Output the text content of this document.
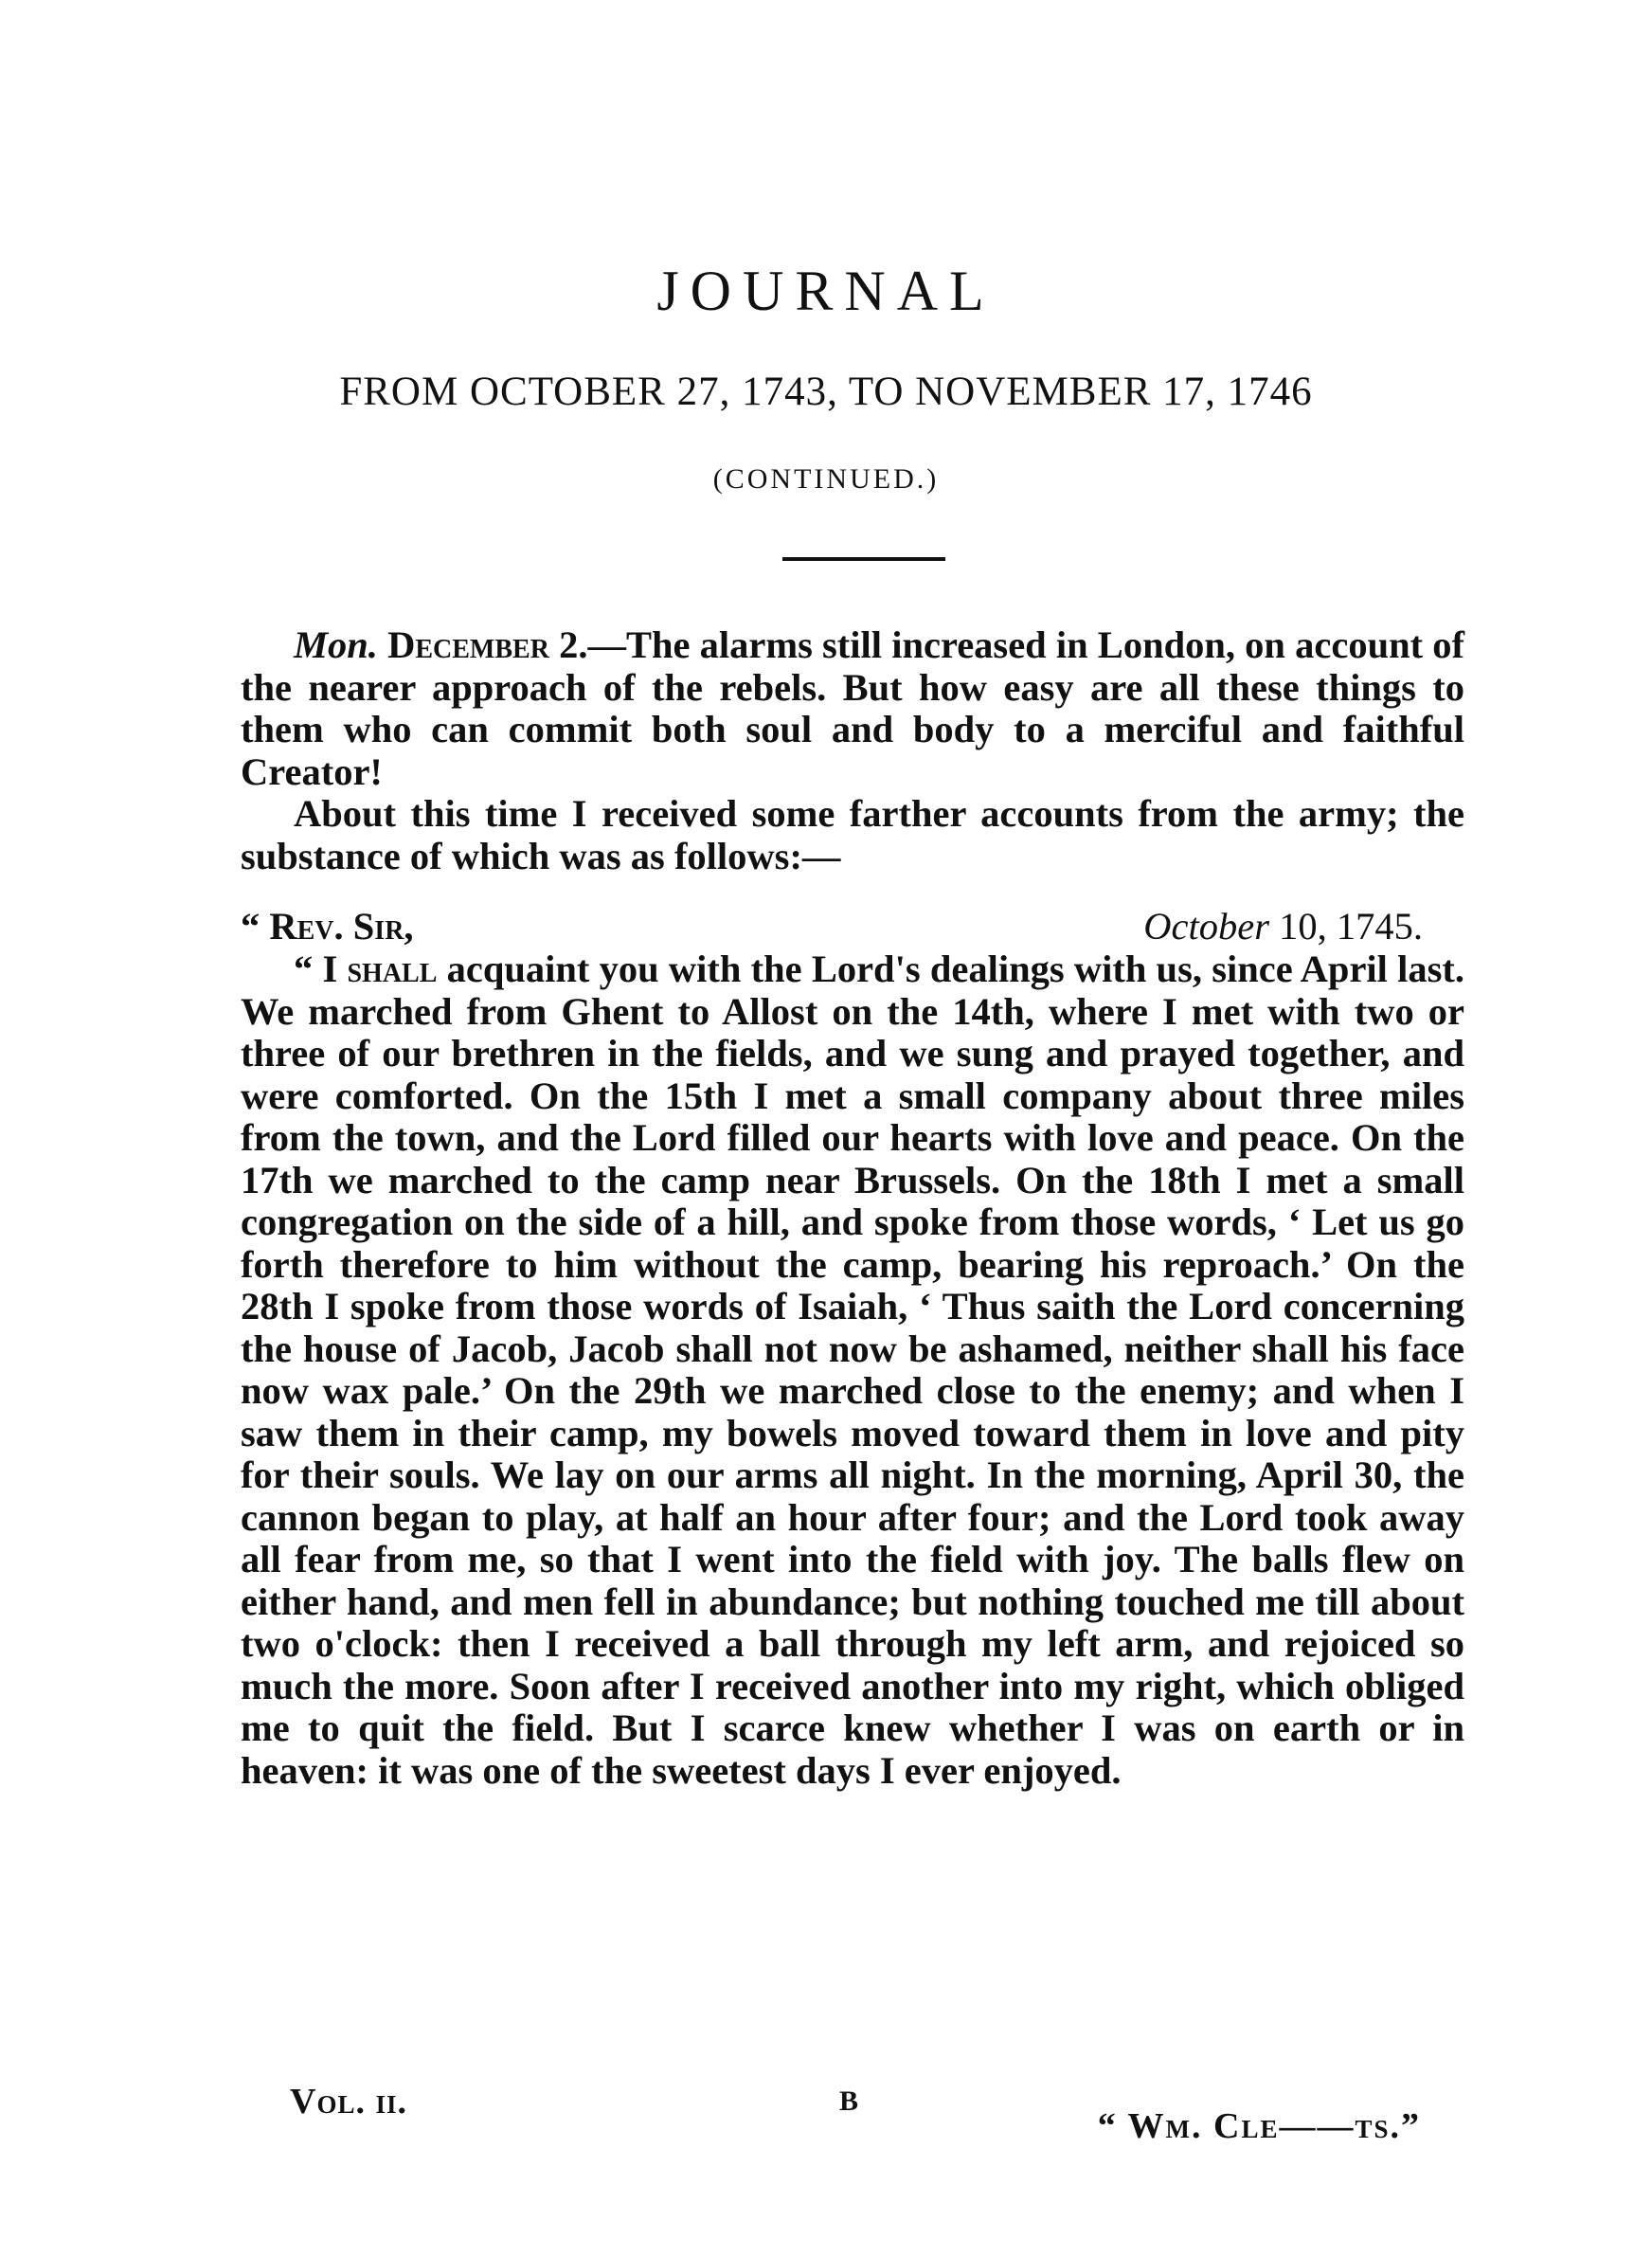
JOURNAL
FROM OCTOBER 27, 1743, TO NOVEMBER 17, 1746
(CONTINUED.)

Mon. December 2.—The alarms still increased in London, on account of the nearer approach of the rebels. But how easy are all these things to them who can commit both soul and body to a merciful and faithful Creator!

About this time I received some farther accounts from the army; the substance of which was as follows:—

“ Rev. Sir,	October 10, 1745.

“ I shall acquaint you with the Lord's dealings with us, since April last. We marched from Ghent to Allost on the 14th, where I met with two or three of our brethren in the fields, and we sung and prayed together, and were comforted. On the 15th I met a small company about three miles from the town, and the Lord filled our hearts with love and peace. On the 17th we marched to the camp near Brussels. On the 18th I met a small congregation on the side of a hill, and spoke from those words, ‘ Let us go forth therefore to him without the camp, bearing his reproach.’ On the 28th I spoke from those words of Isaiah, ‘ Thus saith the Lord concerning the house of Jacob, Jacob shall not now be ashamed, neither shall his face now wax pale.’ On the 29th we marched close to the enemy; and when I saw them in their camp, my bowels moved toward them in love and pity for their souls. We lay on our arms all night. In the morning, April 30, the cannon began to play, at half an hour after four; and the Lord took away all fear from me, so that I went into the field with joy. The balls flew on either hand, and men fell in abundance; but nothing touched me till about two o'clock: then I received a ball through my left arm, and rejoiced so much the more. Soon after I received another into my right, which obliged me to quit the field. But I scarce knew whether I was on earth or in heaven: it was one of the sweetest days I ever enjoyed.

“ Wm. Cle——ts.”
Vol. ii.	B
